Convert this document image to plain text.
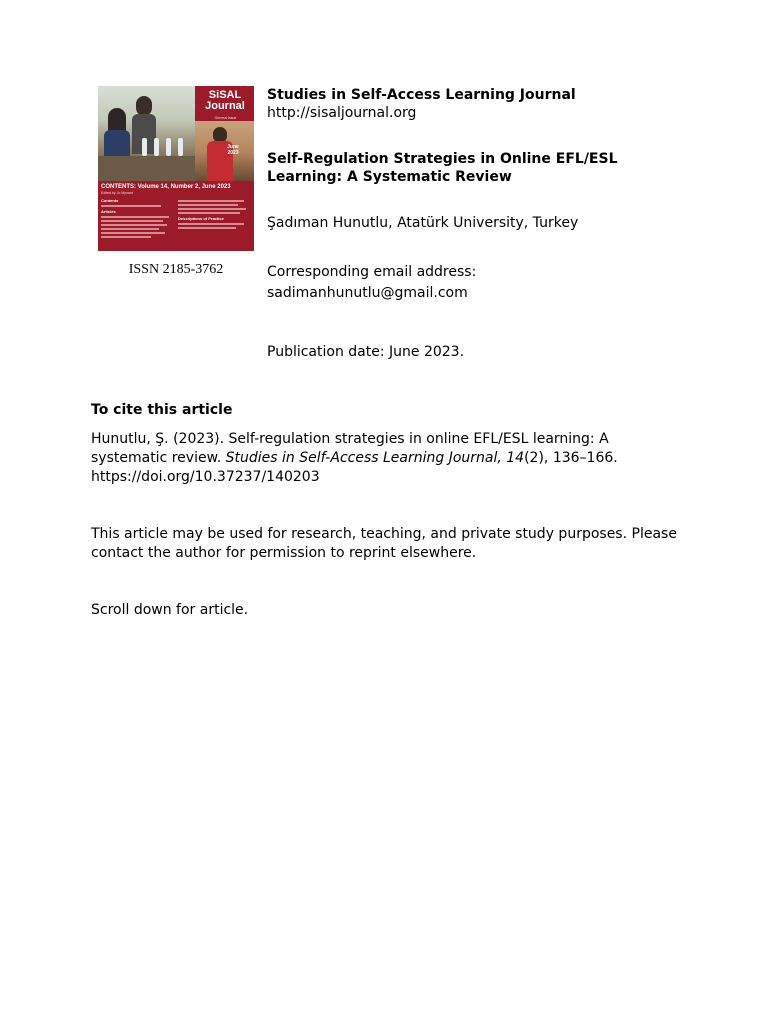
SiSAL
Journal
General Issue
June
2023
CONTENTS: Volume 14, Number 2, June 2023
Edited by Jo Mynard
Contents
Articles
Descriptions of Practice
ISSN 2185-3762
Studies in Self-Access Learning Journal
http://sisaljournal.org
Self-Regulation Strategies in Online EFL/ESL
Learning: A Systematic Review
Şadıman Hunutlu, Atatürk University, Turkey
Corresponding email address:
sadimanhunutlu@gmail.com
Publication date: June 2023.
To cite this article
Hunutlu, Ş. (2023). Self-regulation strategies in online EFL/ESL learning: A
systematic review. Studies in Self-Access Learning Journal, 14(2), 136–166.
https://doi.org/10.37237/140203
This article may be used for research, teaching, and private study purposes. Please
contact the author for permission to reprint elsewhere.
Scroll down for article.
